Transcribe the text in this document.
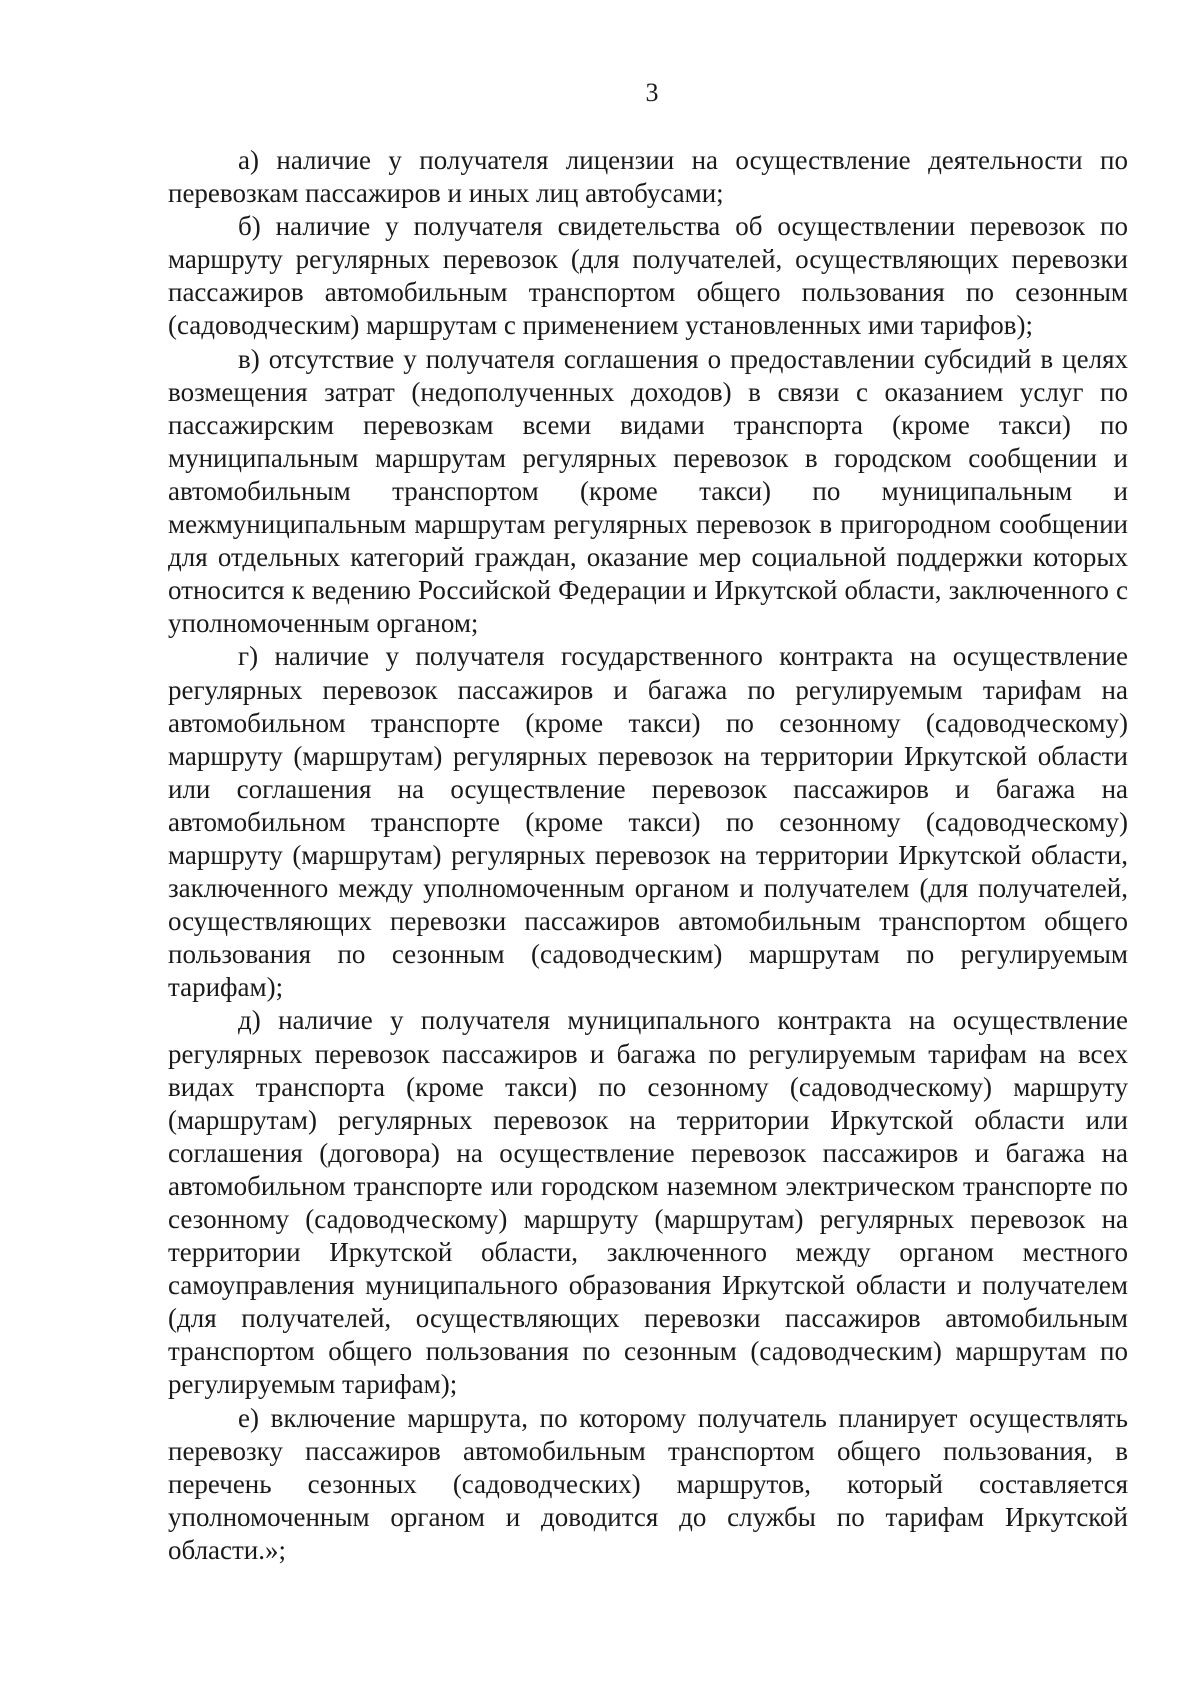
3

а) наличие у получателя лицензии на осуществление деятельности по перевозкам пассажиров и иных лиц автобусами;

б) наличие у получателя свидетельства об осуществлении перевозок по маршруту регулярных перевозок (для получателей, осуществляющих перевозки пассажиров автомобильным транспортом общего пользования по сезонным (садоводческим) маршрутам с применением установленных ими тарифов);

в) отсутствие у получателя соглашения о предоставлении субсидий в целях возмещения затрат (недополученных доходов) в связи с оказанием услуг по пассажирским перевозкам всеми видами транспорта (кроме такси) по муниципальным маршрутам регулярных перевозок в городском сообщении и автомобильным транспортом (кроме такси) по муниципальным и межмуниципальным маршрутам регулярных перевозок в пригородном сообщении для отдельных категорий граждан, оказание мер социальной поддержки которых относится к ведению Российской Федерации и Иркутской области, заключенного с уполномоченным органом;

г) наличие у получателя государственного контракта на осуществление регулярных перевозок пассажиров и багажа по регулируемым тарифам на автомобильном транспорте (кроме такси) по сезонному (садоводческому) маршруту (маршрутам) регулярных перевозок на территории Иркутской области или соглашения на осуществление перевозок пассажиров и багажа на автомобильном транспорте (кроме такси) по сезонному (садоводческому) маршруту (маршрутам) регулярных перевозок на территории Иркутской области, заключенного между уполномоченным органом и получателем (для получателей, осуществляющих перевозки пассажиров автомобильным транспортом общего пользования по сезонным (садоводческим) маршрутам по регулируемым тарифам);

д) наличие у получателя муниципального контракта на осуществление регулярных перевозок пассажиров и багажа по регулируемым тарифам на всех видах транспорта (кроме такси) по сезонному (садоводческому) маршруту (маршрутам) регулярных перевозок на территории Иркутской области или соглашения (договора) на осуществление перевозок пассажиров и багажа на автомобильном транспорте или городском наземном электрическом транспорте по сезонному (садоводческому) маршруту (маршрутам) регулярных перевозок на территории Иркутской области, заключенного между органом местного самоуправления муниципального образования Иркутской области и получателем (для получателей, осуществляющих перевозки пассажиров автомобильным транспортом общего пользования по сезонным (садоводческим) маршрутам по регулируемым тарифам);

е) включение маршрута, по которому получатель планирует осуществлять перевозку пассажиров автомобильным транспортом общего пользования, в перечень сезонных (садоводческих) маршрутов, который составляется уполномоченным органом и доводится до службы по тарифам Иркутской области.»;
